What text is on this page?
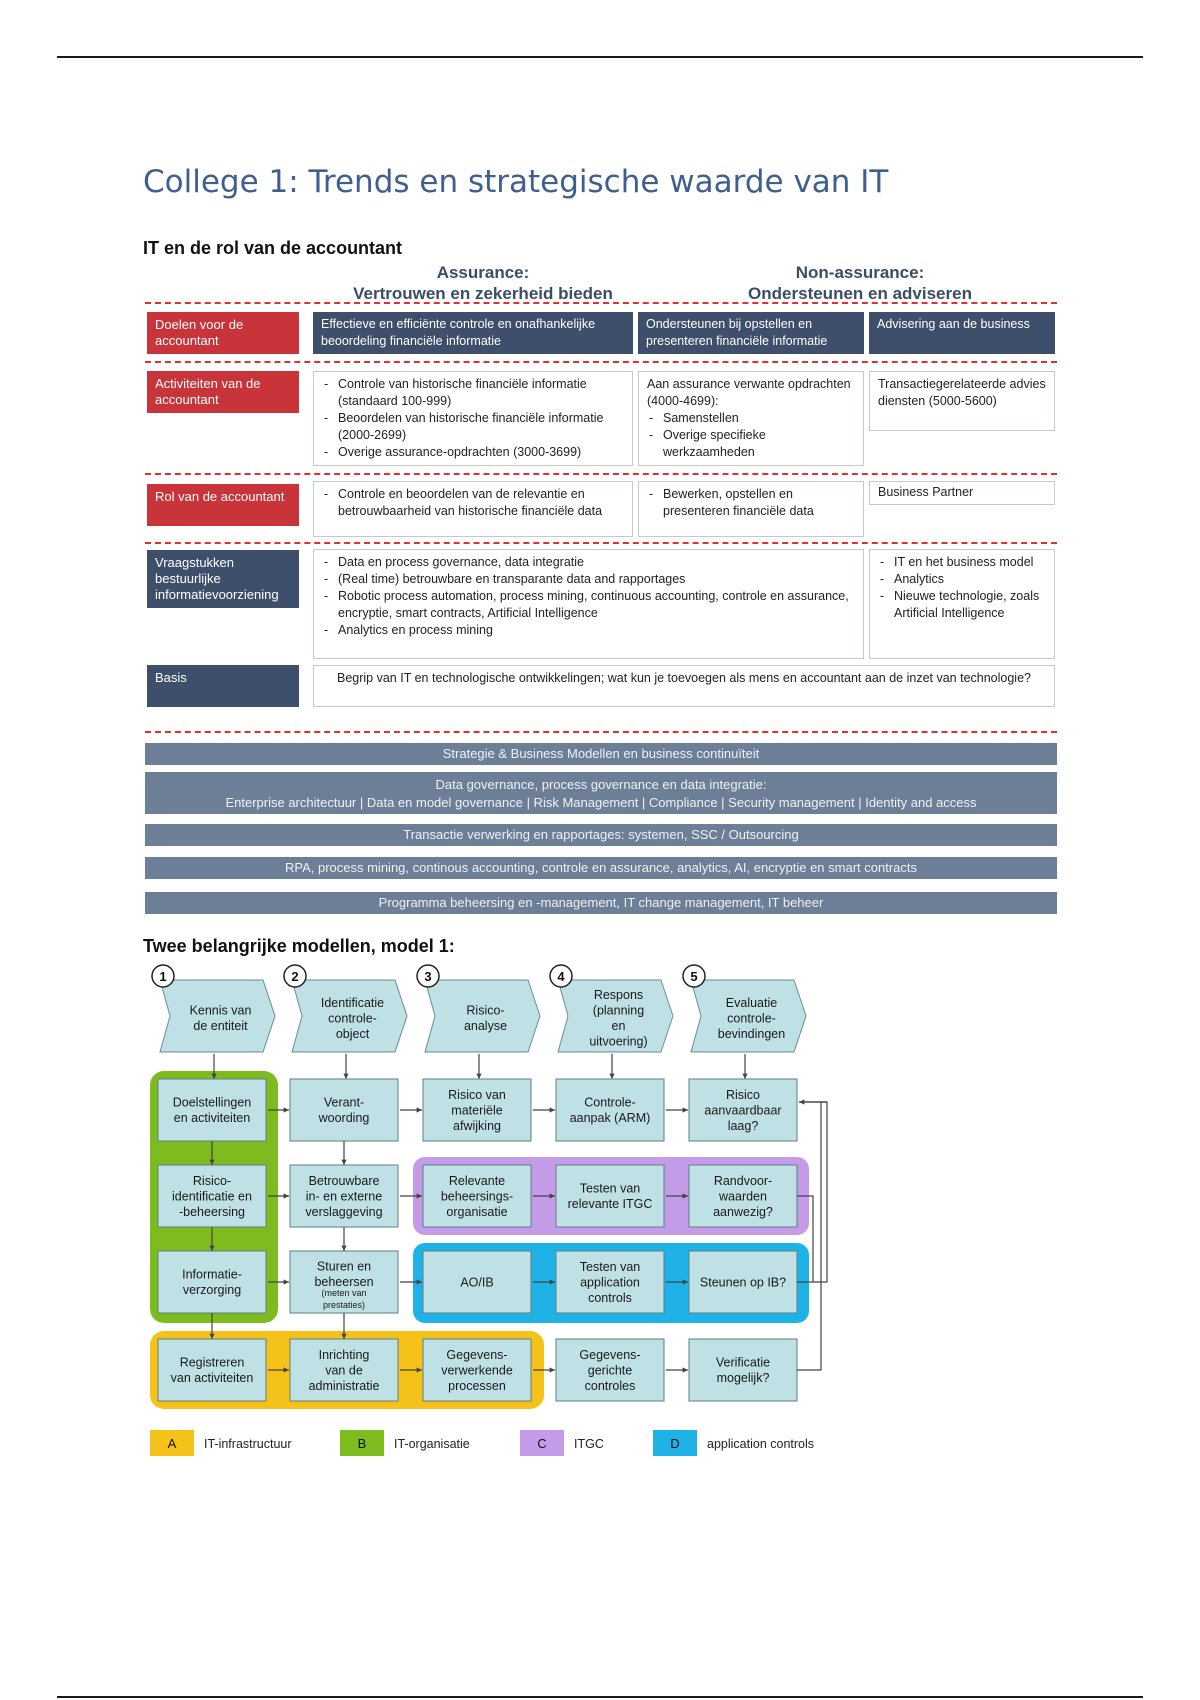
College 1: Trends en strategische waarde van IT
IT en de rol van de accountant
Assurance:
Vertrouwen en zekerheid bieden
Non-assurance:
Ondersteunen en adviseren
Doelen voor de accountant
Effectieve en efficiënte controle en onafhankelijke beoordeling financiële informatie
Ondersteunen bij opstellen en presenteren financiële informatie
Advisering aan de business
Activiteiten van de accountant
- Controle van historische financiële informatie (standaard 100-999)
- Beoordelen van historische financiële informatie (2000-2699)
- Overige assurance-opdrachten (3000-3699)
Aan assurance verwante opdrachten (4000-4699):
- Samenstellen
- Overige specifieke werkzaamheden
Transactiegerelateerde advies diensten (5000-5600)
Rol van de accountant
-	Controle en beoordelen van de relevantie en betrouwbaarheid van historische financiële data
- Bewerken, opstellen en presenteren financiële data
Business Partner
Vraagstukken bestuurlijke informatievoorziening
- Data en process governance, data integratie
- (Real time) betrouwbare en transparante data and rapportages
- Robotic process automation, process mining, continuous accounting, controle en assurance, encryptie, smart contracts, Artificial Intelligence
- Analytics en process mining
- IT en het business model
- Analytics
- Nieuwe technologie, zoals Artificial Intelligence
Basis	Begrip van IT en technologische ontwikkelingen; wat kun je toevoegen als mens en accountant aan de inzet van technologie?
Strategie & Business Modellen en business continuïteit
Data governance, process governance en data integratie:
Enterprise architectuur | Data en model governance | Risk Management | Compliance | Security management | Identity and access
Transactie verwerking en rapportages: systemen, SSC / Outsourcing
RPA, process mining, continous accounting, controle en assurance, analytics, AI, encryptie en smart contracts
Programma beheersing en -management, IT change management, IT beheer
Twee belangrijke modellen, model 1:
Kennis van de entiteit
1
Identificatie controle-object
2
Risico-analyse
3
Respons (planning en uitvoering)
4
Evaluatie controle-bevindingen
5
Doelstellingen en activiteiten
Verant-woording
Risico van materiële afwijking
Controle-aanpak (ARM)
Risico aanvaardbaar laag?
Risico-identificatie en -beheersing
Betrouwbare in- en externe verslaggeving
Relevante beheersings-organisatie
Testen van relevante ITGC
Randvoor-waarden aanwezig?
Informatie-verzorging
Sturen en beheersen
(meten van prestaties)
AO/IB
Testen van application controls
Steunen op IB?
Registreren van activiteiten
Inrichting van de administratie
Gegevens-verwerkende processen
Gegevens-gerichte controles
Verificatie mogelijk?
A IT-infrastructuur	B IT-organisatie	C ITGC	D application controls
